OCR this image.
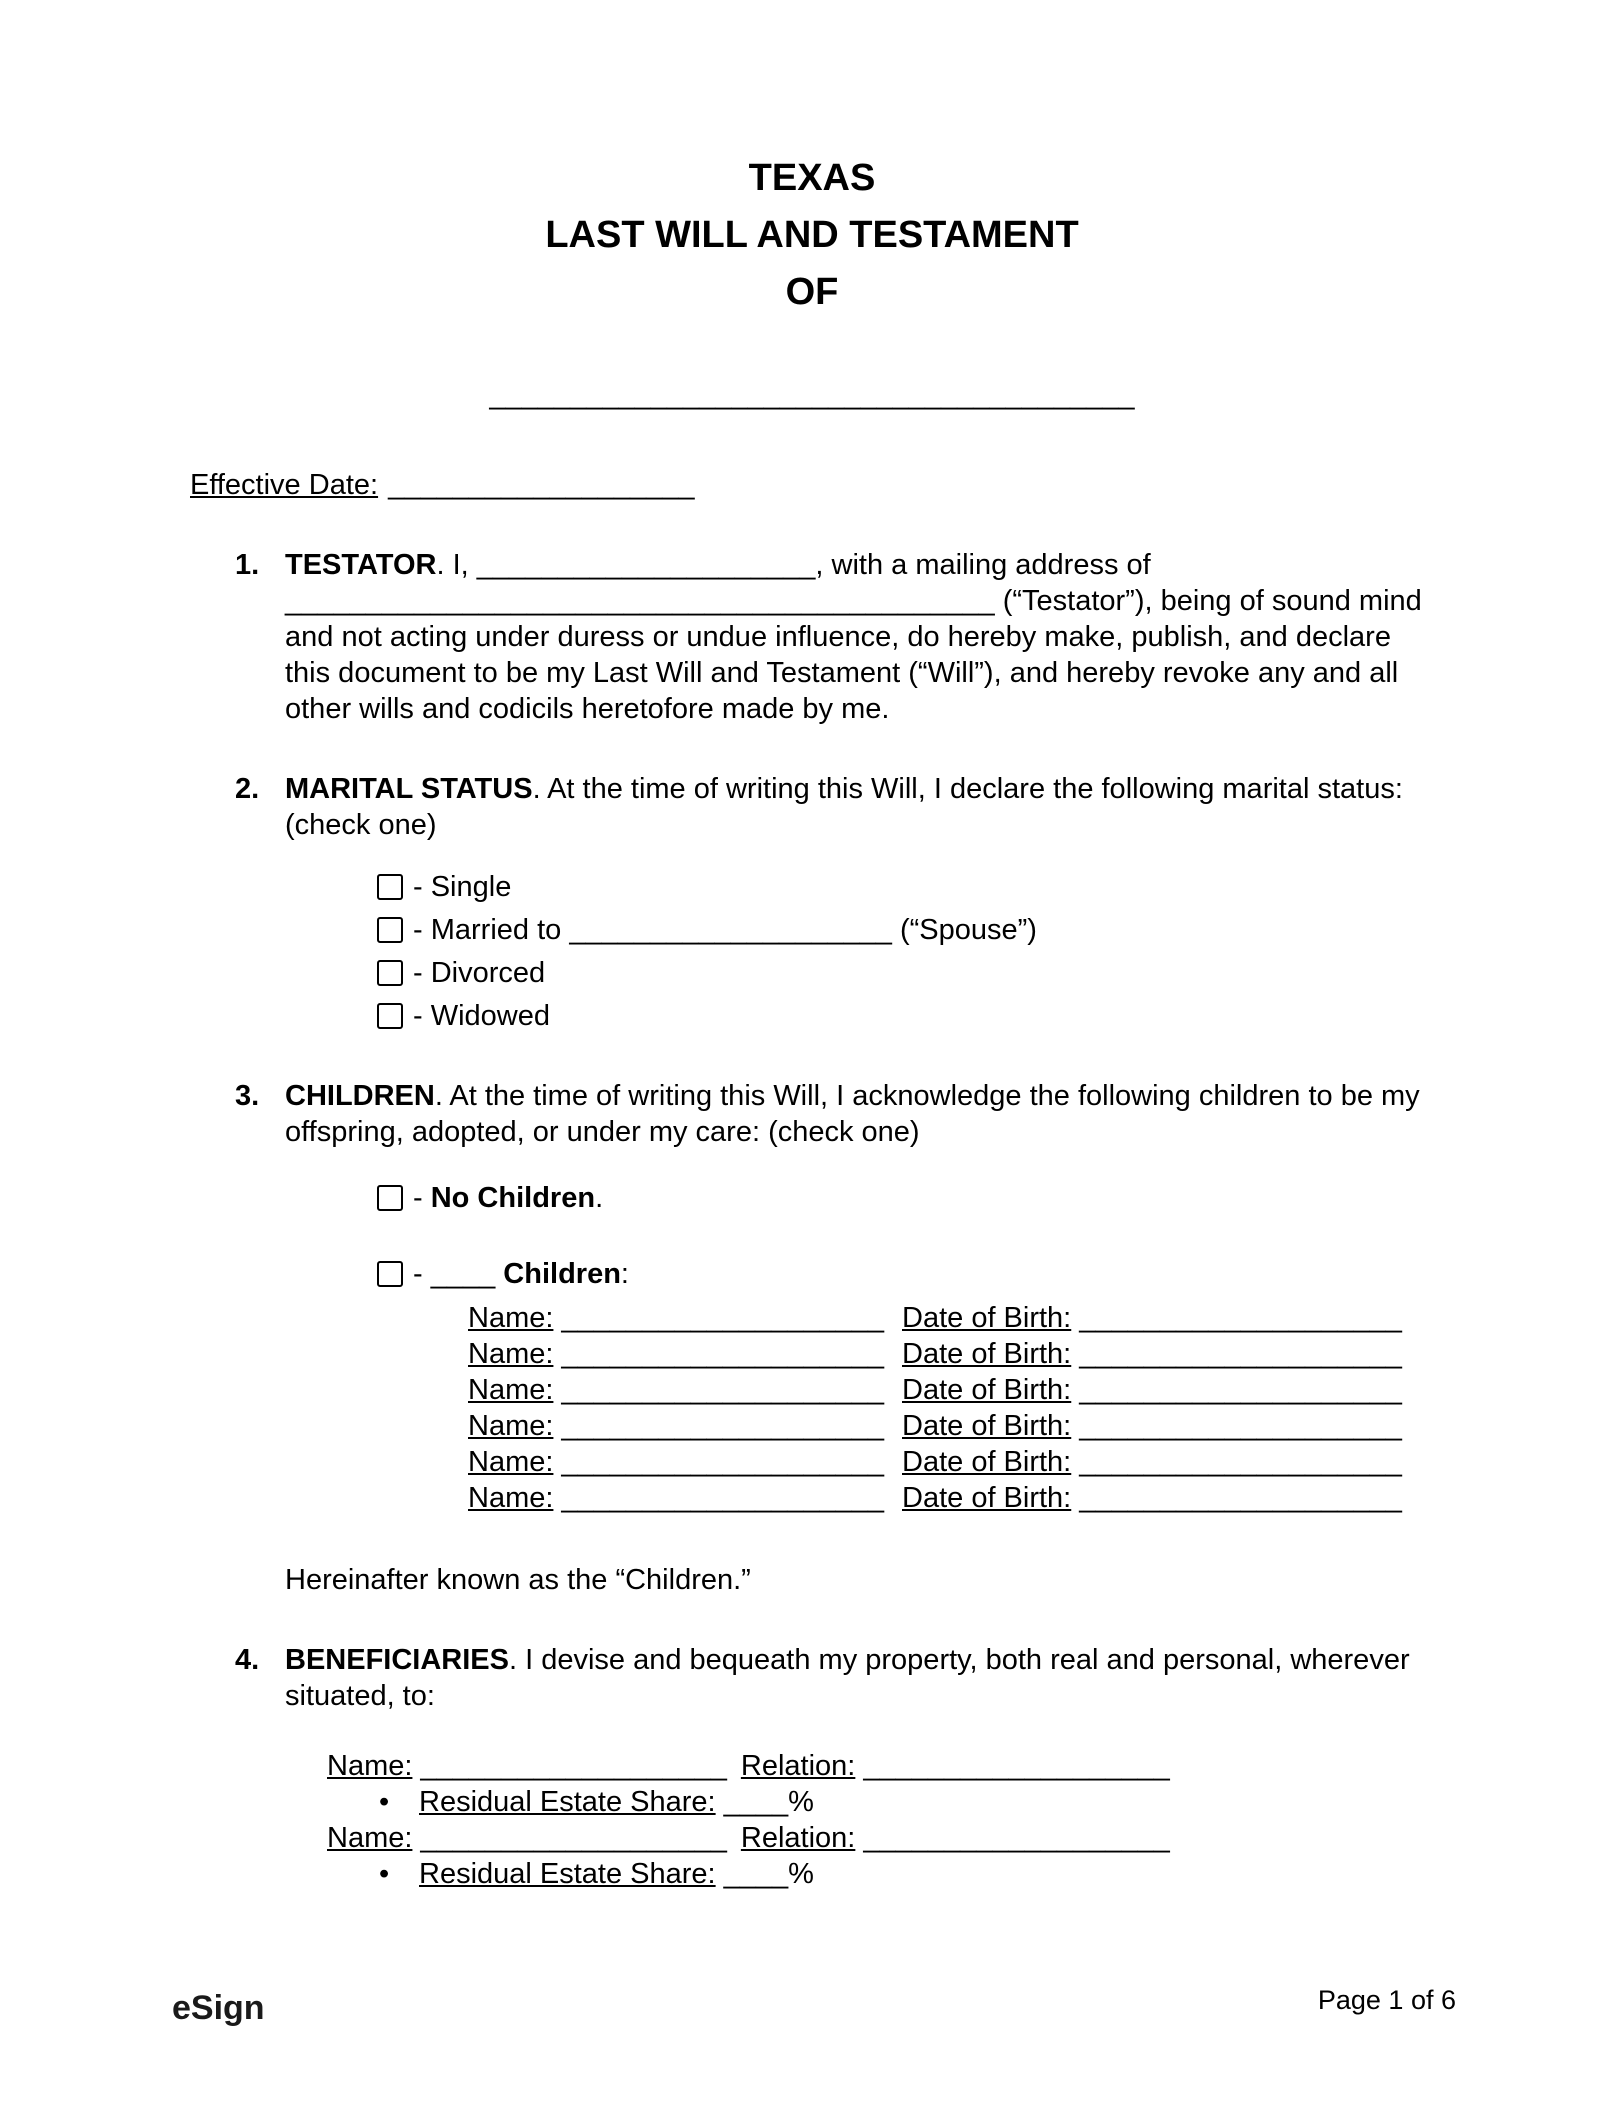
TEXAS
LAST WILL AND TESTAMENT
OF
________________________________________
Effective Date: ___________________
1. TESTATOR. I, _____________________, with a mailing address of ____________________________________________ (“Testator”), being of sound mind and not acting under duress or undue influence, do hereby make, publish, and declare this document to be my Last Will and Testament (“Will”), and hereby revoke any and all other wills and codicils heretofore made by me.
2. MARITAL STATUS. At the time of writing this Will, I declare the following marital status: (check one)
- Single
- Married to ____________________ (“Spouse”)
- Divorced
- Widowed
3. CHILDREN. At the time of writing this Will, I acknowledge the following children to be my offspring, adopted, or under my care: (check one)
- No Children.
- ____ Children:
Name: ____________________ Date of Birth: ____________________
Name: ____________________ Date of Birth: ____________________
Name: ____________________ Date of Birth: ____________________
Name: ____________________ Date of Birth: ____________________
Name: ____________________ Date of Birth: ____________________
Name: ____________________ Date of Birth: ____________________
Hereinafter known as the “Children.”
4. BENEFICIARIES. I devise and bequeath my property, both real and personal, wherever situated, to:
Name: ___________________ Relation: ___________________
• Residual Estate Share: ____%
Name: ___________________ Relation: ___________________
• Residual Estate Share: ____%
eSign	Page 1 of 6
